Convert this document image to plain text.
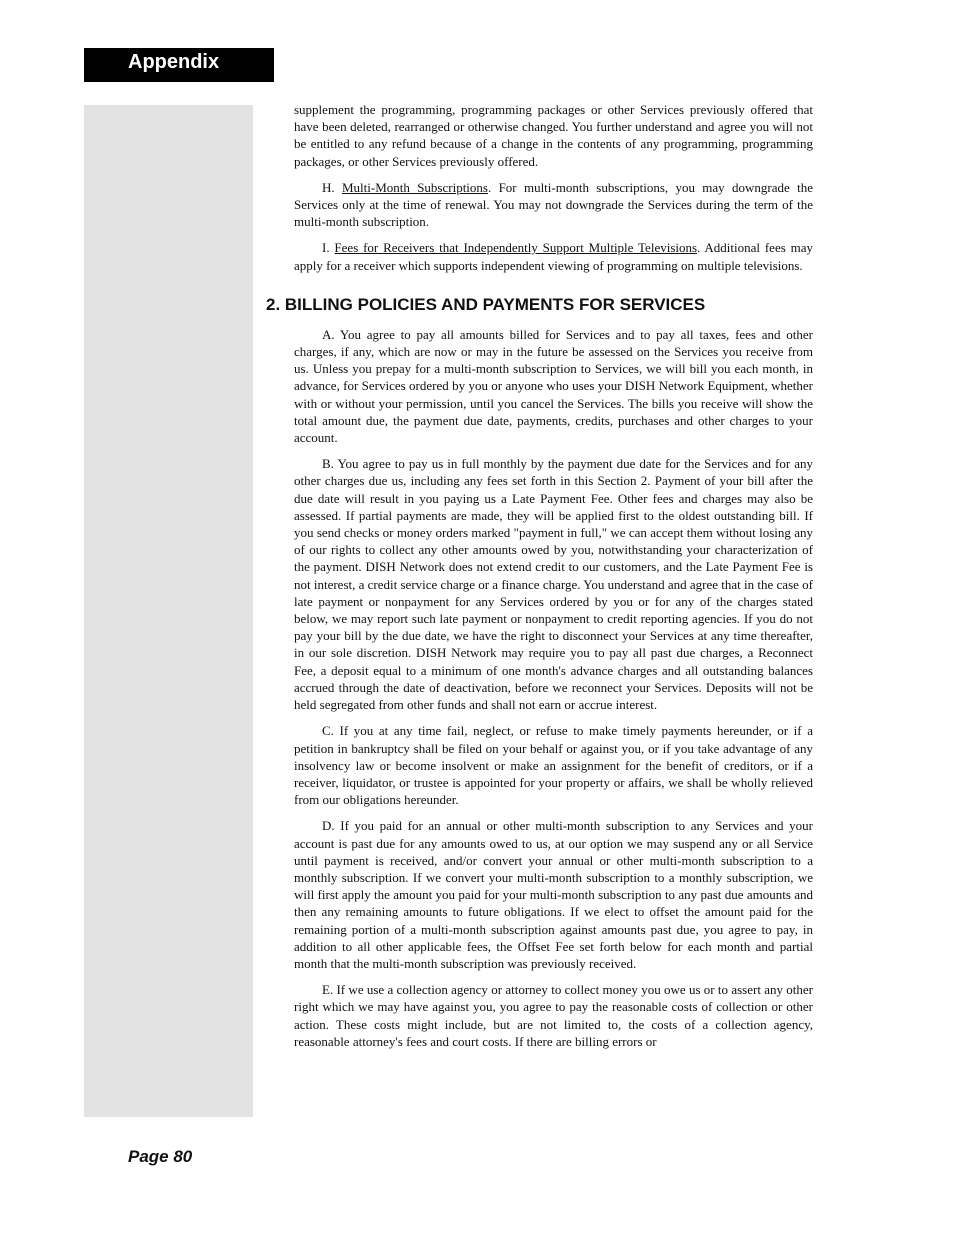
Appendix

supplement the programming, programming packages or other Services previously offered that have been deleted, rearranged or otherwise changed. You further understand and agree you will not be entitled to any refund because of a change in the contents of any programming, programming packages, or other Services previously offered.

H. Multi-Month Subscriptions. For multi-month subscriptions, you may downgrade the Services only at the time of renewal. You may not downgrade the Services during the term of the multi-month subscription.

I. Fees for Receivers that Independently Support Multiple Televisions. Additional fees may apply for a receiver which supports independent viewing of programming on multiple televisions.

2. BILLING POLICIES AND PAYMENTS FOR SERVICES

A. You agree to pay all amounts billed for Services and to pay all taxes, fees and other charges, if any, which are now or may in the future be assessed on the Services you receive from us. Unless you prepay for a multi-month subscription to Services, we will bill you each month, in advance, for Services ordered by you or anyone who uses your DISH Network Equipment, whether with or without your permission, until you cancel the Services. The bills you receive will show the total amount due, the payment due date, payments, credits, purchases and other charges to your account.

B. You agree to pay us in full monthly by the payment due date for the Services and for any other charges due us, including any fees set forth in this Section 2. Payment of your bill after the due date will result in you paying us a Late Payment Fee. Other fees and charges may also be assessed. If partial payments are made, they will be applied first to the oldest outstanding bill. If you send checks or money orders marked "payment in full," we can accept them without losing any of our rights to collect any other amounts owed by you, notwithstanding your characterization of the payment. DISH Network does not extend credit to our customers, and the Late Payment Fee is not interest, a credit service charge or a finance charge. You understand and agree that in the case of late payment or nonpayment for any Services ordered by you or for any of the charges stated below, we may report such late payment or nonpayment to credit reporting agencies. If you do not pay your bill by the due date, we have the right to disconnect your Services at any time thereafter, in our sole discretion. DISH Network may require you to pay all past due charges, a Reconnect Fee, a deposit equal to a minimum of one month's advance charges and all outstanding balances accrued through the date of deactivation, before we reconnect your Services. Deposits will not be held segregated from other funds and shall not earn or accrue interest.

C. If you at any time fail, neglect, or refuse to make timely payments hereunder, or if a petition in bankruptcy shall be filed on your behalf or against you, or if you take advantage of any insolvency law or become insolvent or make an assignment for the benefit of creditors, or if a receiver, liquidator, or trustee is appointed for your property or affairs, we shall be wholly relieved from our obligations hereunder.

D. If you paid for an annual or other multi-month subscription to any Services and your account is past due for any amounts owed to us, at our option we may suspend any or all Service until payment is received, and/or convert your annual or other multi-month subscription to a monthly subscription. If we convert your multi-month subscription to a monthly subscription, we will first apply the amount you paid for your multi-month subscription to any past due amounts and then any remaining amounts to future obligations. If we elect to offset the amount paid for the remaining portion of a multi-month subscription against amounts past due, you agree to pay, in addition to all other applicable fees, the Offset Fee set forth below for each month and partial month that the multi-month subscription was previously received.

E. If we use a collection agency or attorney to collect money you owe us or to assert any other right which we may have against you, you agree to pay the reasonable costs of collection or other action. These costs might include, but are not limited to, the costs of a collection agency, reasonable attorney's fees and court costs. If there are billing errors or

Page 80
